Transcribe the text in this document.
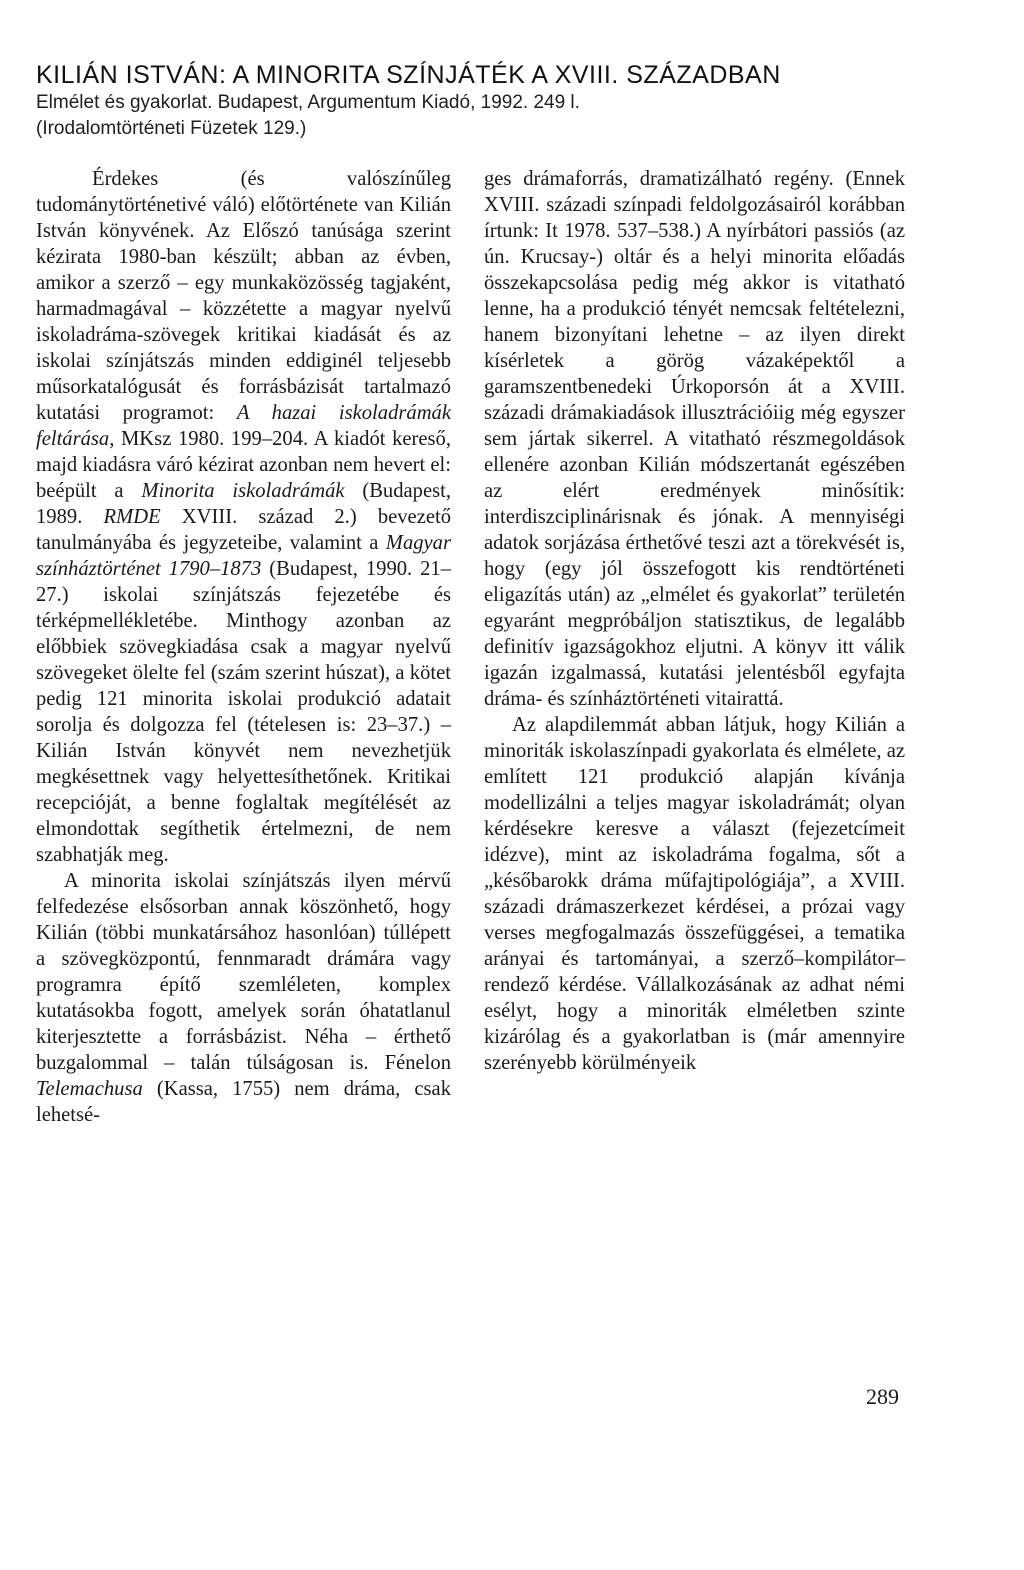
KILIÁN ISTVÁN: A MINORITA SZÍNJÁTÉK A XVIII. SZÁZADBAN

Elmélet és gyakorlat. Budapest, Argumentum Kiadó, 1992. 249 l.

(Irodalomtörténeti Füzetek 129.)

Érdekes (és valószínűleg tudománytörténetivé váló) előtörténete van Kilián István könyvének. Az Előszó tanúsága szerint kézirata 1980-ban készült; abban az évben, amikor a szerző – egy munkaközösség tagjaként, harmadmagával – közzétette a magyar nyelvű iskoladráma-szövegek kritikai kiadását és az iskolai színjátszás minden eddiginél teljesebb műsorkatalógusát és forrásbázisát tartalmazó kutatási programot: A hazai iskoladrámák feltárása, MKsz 1980. 199–204. A kiadót kereső, majd kiadásra váró kézirat azonban nem hevert el: beépült a Minorita iskoladrámák (Budapest, 1989. RMDE XVIII. század 2.) bevezető tanulmányába és jegyzeteibe, valamint a Magyar színháztörténet 1790–1873 (Budapest, 1990. 21–27.) iskolai színjátszás fejezetébe és térképmellékletébe. Minthogy azonban az előbbiek szövegkiadása csak a magyar nyelvű szövegeket ölelte fel (szám szerint húszat), a kötet pedig 121 minorita iskolai produkció adatait sorolja és dolgozza fel (tételesen is: 23–37.) – Kilián István könyvét nem nevezhetjük megkésettnek vagy helyettesíthetőnek. Kritikai recepcióját, a benne foglaltak megítélését az elmondottak segíthetik értelmezni, de nem szabhatják meg.

A minorita iskolai színjátszás ilyen mérvű felfedezése elsősorban annak köszönhető, hogy Kilián (többi munkatársához hasonlóan) túllépett a szövegközpontú, fennmaradt drámára vagy programra építő szemléleten, komplex kutatásokba fogott, amelyek során óhatatlanul kiterjesztette a forrásbázist. Néha – érthető buzgalommal – talán túlságosan is. Fénelon Telemachusa (Kassa, 1755) nem dráma, csak lehetsé-

ges drámaforrás, dramatizálható regény. (Ennek XVIII. századi színpadi feldolgozásairól korábban írtunk: It 1978. 537–538.) A nyírbátori passiós (az ún. Krucsay-) oltár és a helyi minorita előadás összekapcsolása pedig még akkor is vitatható lenne, ha a produkció tényét nemcsak feltételezni, hanem bizonyítani lehetne – az ilyen direkt kísérletek a görög vázaképektől a garamszentbenedeki Úrkoporsón át a XVIII. századi drámakiadások illusztrációiig még egyszer sem jártak sikerrel. A vitatható részmegoldások ellenére azonban Kilián módszertanát egészében az elért eredmények minősítik: interdiszciplinárisnak és jónak. A mennyiségi adatok sorjázása érthetővé teszi azt a törekvését is, hogy (egy jól összefogott kis rendtörténeti eligazítás után) az „elmélet és gyakorlat” területén egyaránt megpróbáljon statisztikus, de legalább definitív igazságokhoz eljutni. A könyv itt válik igazán izgalmassá, kutatási jelentésből egyfajta dráma- és színháztörténeti vitairattá.

Az alapdilemmát abban látjuk, hogy Kilián a minoriták iskolaszínpadi gyakorlata és elmélete, az említett 121 produkció alapján kívánja modellizálni a teljes magyar iskoladrámát; olyan kérdésekre keresve a választ (fejezetcímeit idézve), mint az iskoladráma fogalma, sőt a „későbarokk dráma műfajtipológiája”, a XVIII. századi drámaszerkezet kérdései, a prózai vagy verses megfogalmazás összefüggései, a tematika arányai és tartományai, a szerző–kompilátor–rendező kérdése. Vállalkozásának az adhat némi esélyt, hogy a minoriták elméletben szinte kizárólag és a gyakorlatban is (már amennyire szerényebb körülményeik

289
